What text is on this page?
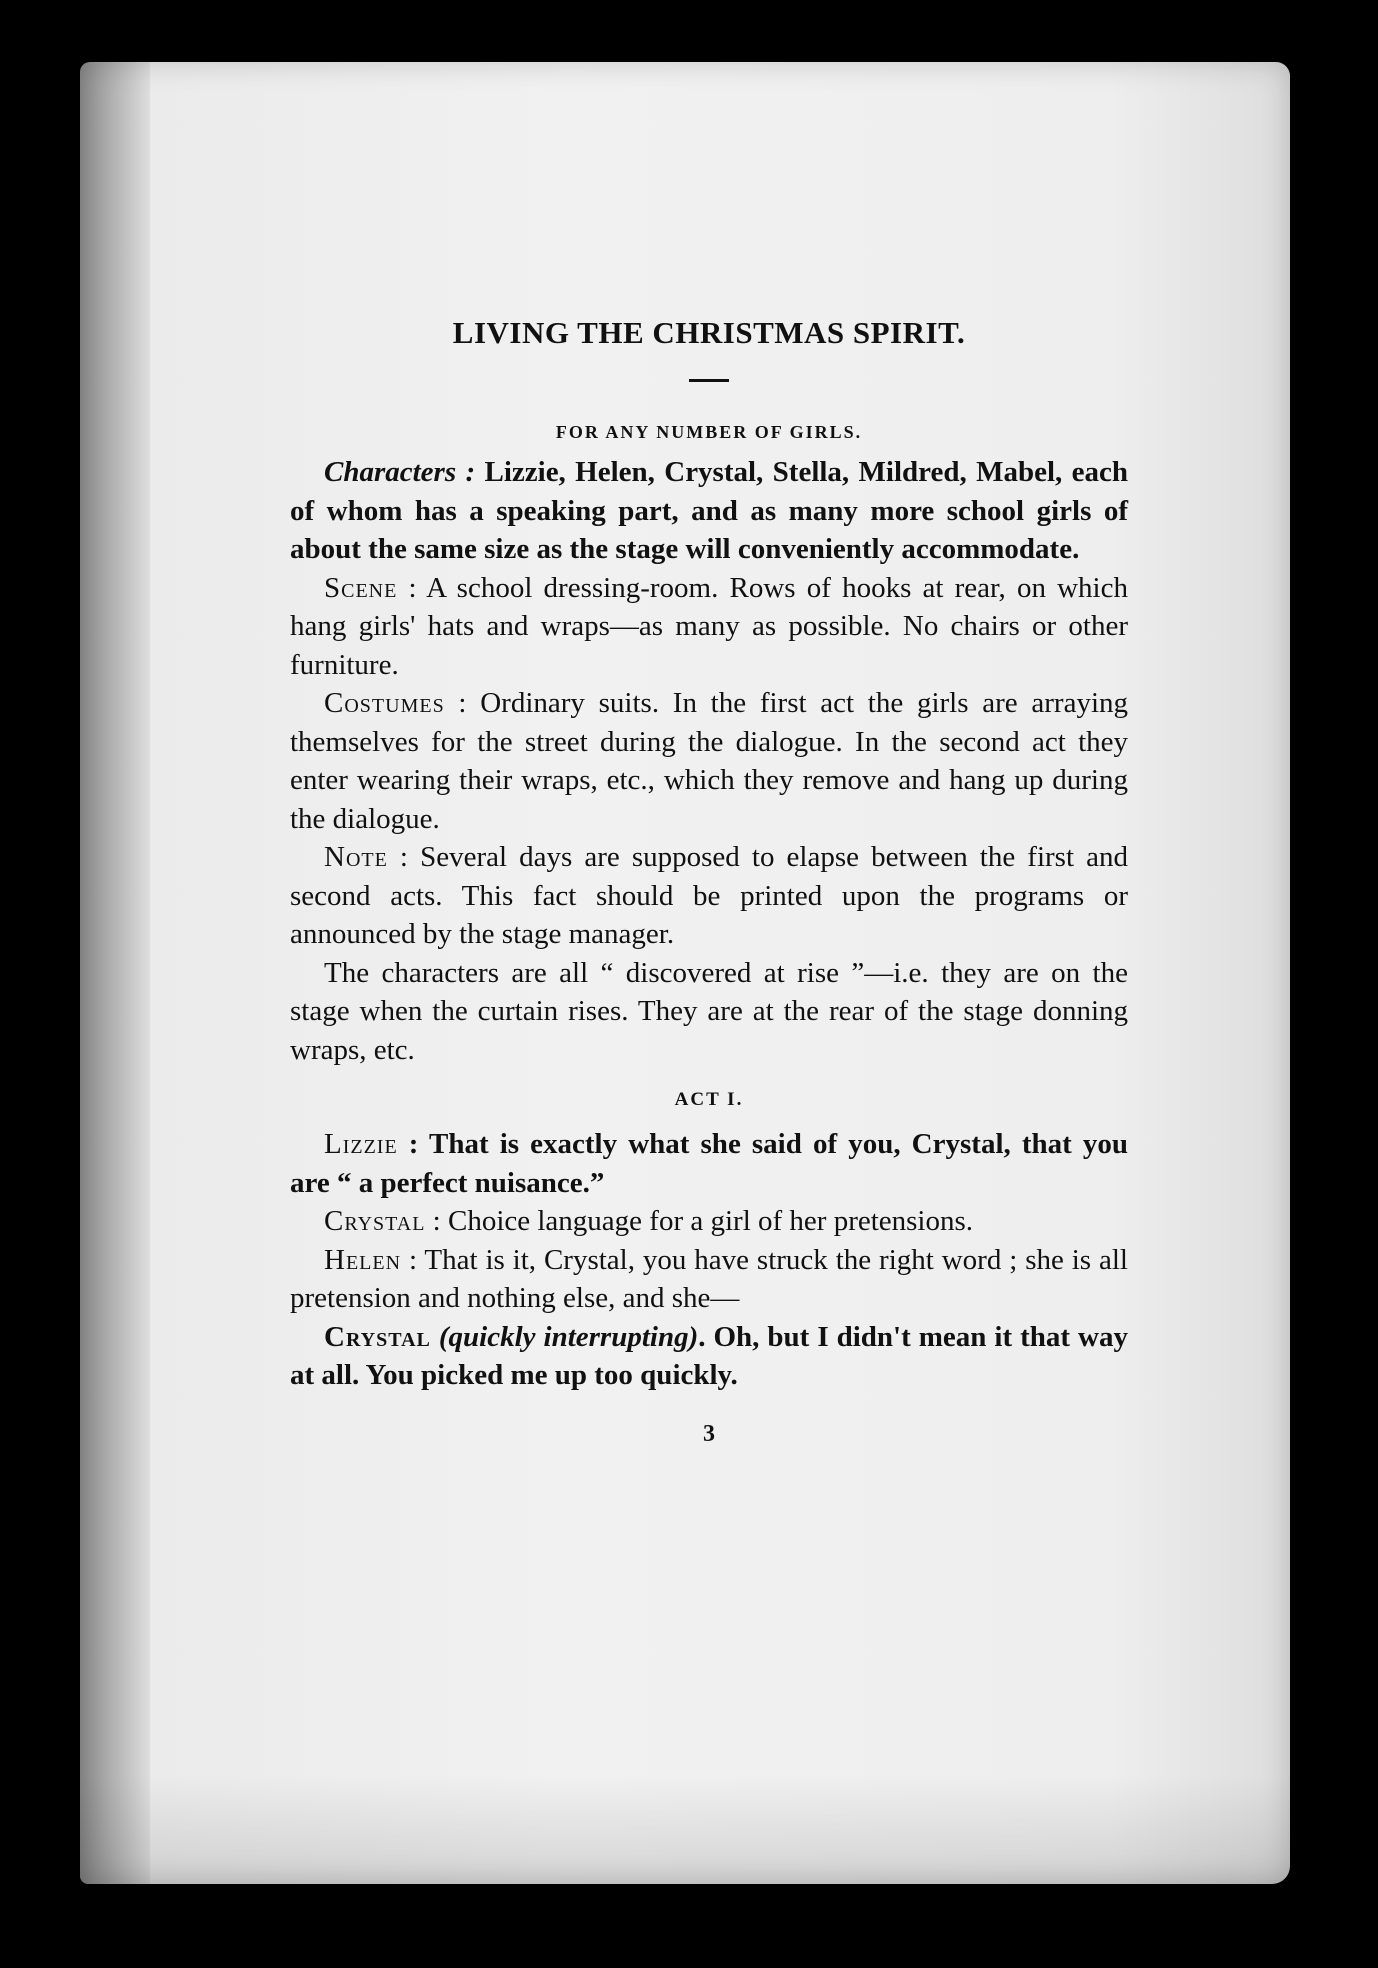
LIVING THE CHRISTMAS SPIRIT.
FOR ANY NUMBER OF GIRLS.

Characters : Lizzie, Helen, Crystal, Stella, Mildred, Mabel, each of whom has a speaking part, and as many more school girls of about the same size as the stage will conveniently accommodate.

Scene : A school dressing-room. Rows of hooks at rear, on which hang girls' hats and wraps—as many as possible. No chairs or other furniture.

Costumes : Ordinary suits. In the first act the girls are arraying themselves for the street during the dialogue. In the second act they enter wearing their wraps, etc., which they remove and hang up during the dialogue.

Note : Several days are supposed to elapse between the first and second acts. This fact should be printed upon the programs or announced by the stage manager.

The characters are all “ discovered at rise ”—i.e. they are on the stage when the curtain rises. They are at the rear of the stage donning wraps, etc.

ACT I.

Lizzie : That is exactly what she said of you, Crystal, that you are “ a perfect nuisance.”

Crystal : Choice language for a girl of her pretensions.

Helen : That is it, Crystal, you have struck the right word ; she is all pretension and nothing else, and she—

Crystal (quickly interrupting). Oh, but I didn't mean it that way at all. You picked me up too quickly.

3
